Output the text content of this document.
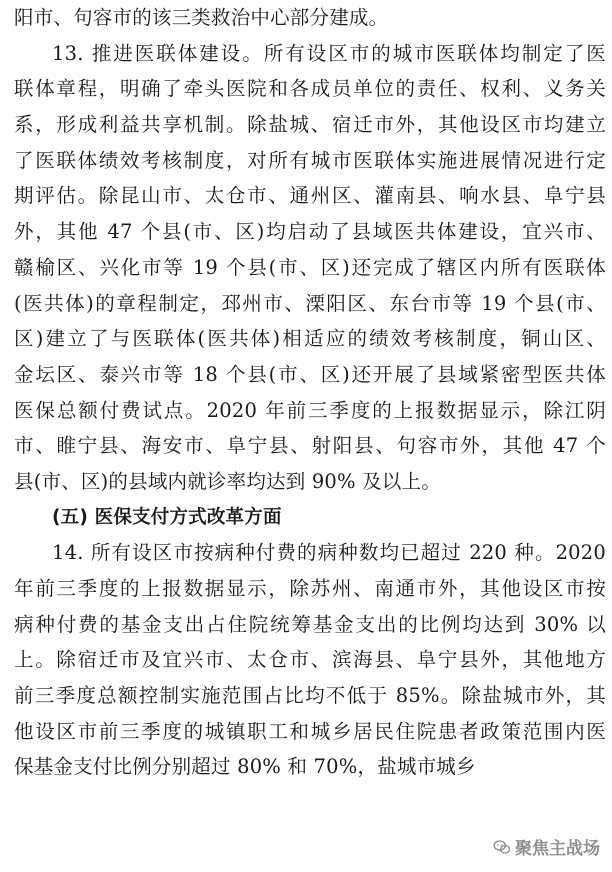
阳市、句容市的该三类救治中心部分建成。
13. 推进医联体建设。所有设区市的城市医联体均制定了医
联体章程，明确了牵头医院和各成员单位的责任、权利、义务关
系，形成利益共享机制。除盐城、宿迁市外，其他设区市均建立
了医联体绩效考核制度，对所有城市医联体实施进展情况进行定
期评估。除昆山市、太仓市、通州区、灌南县、响水县、阜宁县
外，其他 47 个县(市、区)均启动了县域医共体建设，宜兴市、
赣榆区、兴化市等 19 个县(市、区)还完成了辖区内所有医联体
(医共体)的章程制定，邳州市、溧阳区、东台市等 19 个县(市、
区)建立了与医联体(医共体)相适应的绩效考核制度，铜山区、
金坛区、泰兴市等 18 个县(市、区)还开展了县域紧密型医共体
医保总额付费试点。2020 年前三季度的上报数据显示，除江阴
市、睢宁县、海安市、阜宁县、射阳县、句容市外，其他 47 个
县(市、区)的县域内就诊率均达到 90% 及以上。
(五) 医保支付方式改革方面
14. 所有设区市按病种付费的病种数均已超过 220 种。2020
年前三季度的上报数据显示，除苏州、南通市外，其他设区市按
病种付费的基金支出占住院统筹基金支出的比例均达到 30% 以
上。除宿迁市及宜兴市、太仓市、滨海县、阜宁县外，其他地方
前三季度总额控制实施范围占比均不低于 85%。除盐城市外，其
他设区市前三季度的城镇职工和城乡居民住院患者政策范围内医
保基金支付比例分别超过 80% 和 70%，盐城市城乡
聚焦主战场
